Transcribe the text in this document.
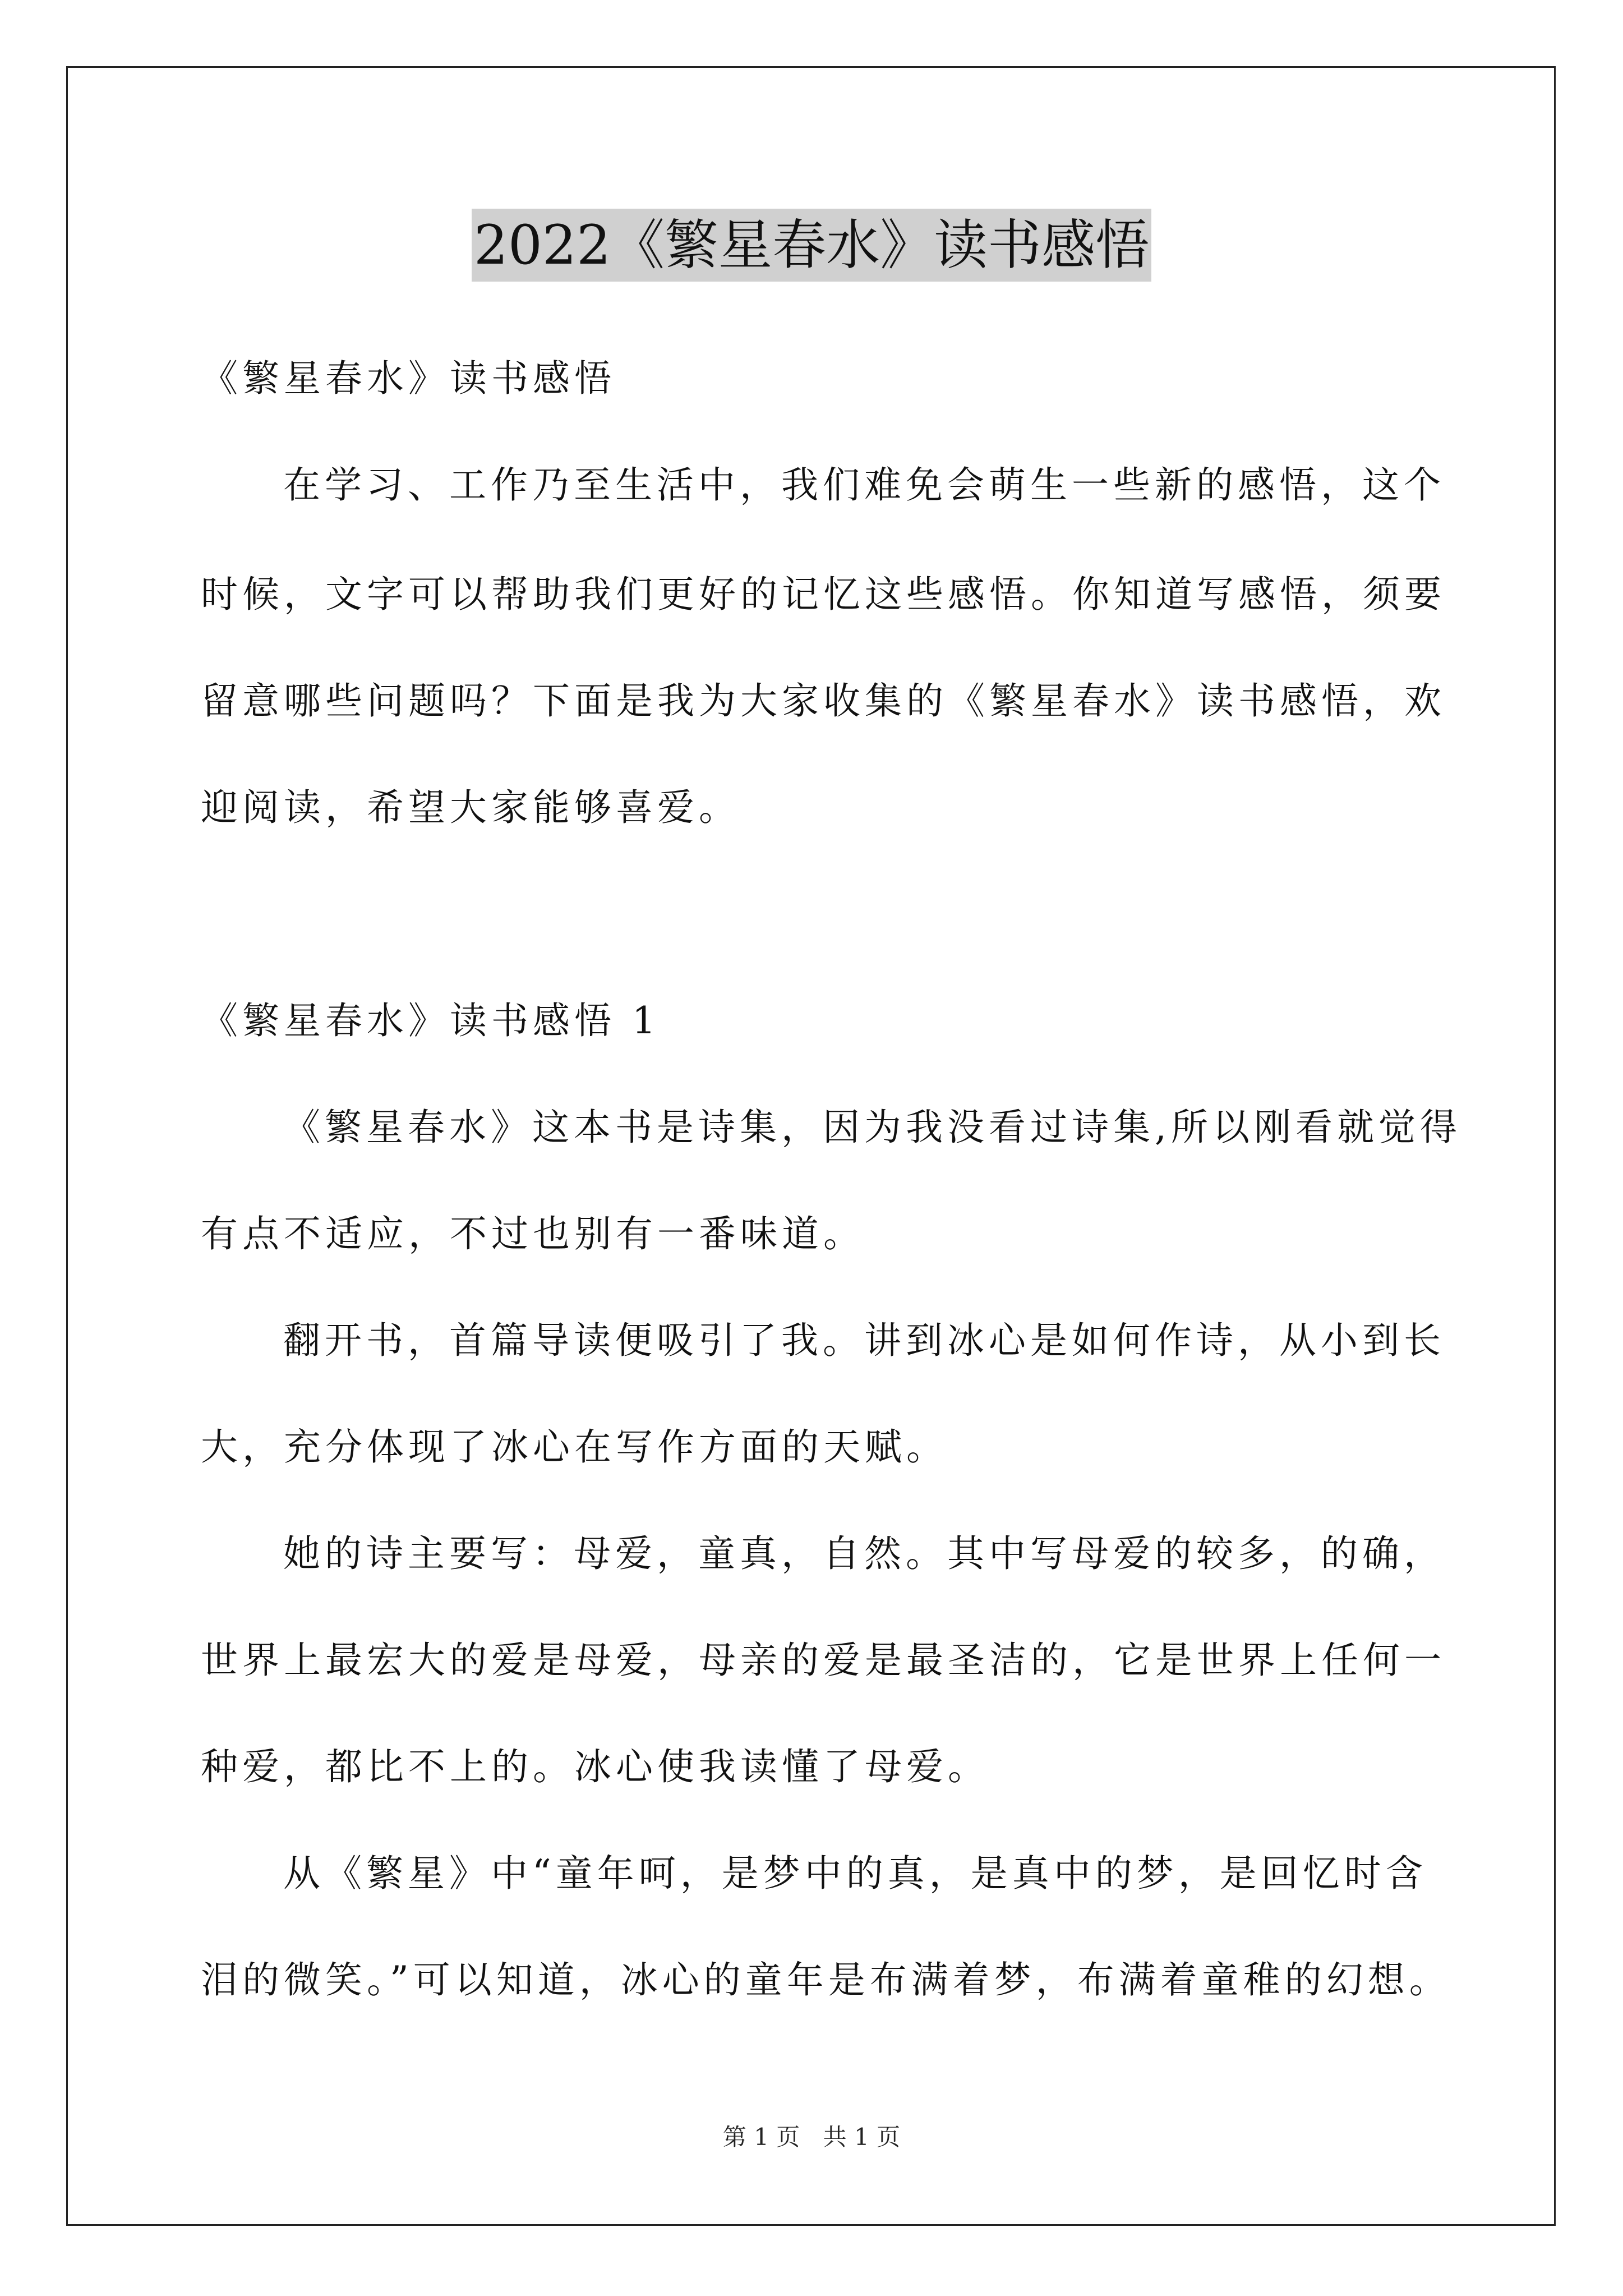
2022《繁星春水》读书感悟
《繁星春水》读书感悟
在学习、工作乃至生活中，我们难免会萌生一些新的感悟，这个
时候，文字可以帮助我们更好的记忆这些感悟。你知道写感悟，须要
留意哪些问题吗？下面是我为大家收集的《繁星春水》读书感悟，欢
迎阅读，希望大家能够喜爱。
《繁星春水》读书感悟 1
《繁星春水》这本书是诗集，因为我没看过诗集,所以刚看就觉得
有点不适应，不过也别有一番味道。
翻开书，首篇导读便吸引了我。讲到冰心是如何作诗，从小到长
大，充分体现了冰心在写作方面的天赋。
她的诗主要写：母爱，童真，自然。其中写母爱的较多，的确，
世界上最宏大的爱是母爱，母亲的爱是最圣洁的，它是世界上任何一
种爱，都比不上的。冰心使我读懂了母爱。
从《繁星》中“童年呵，是梦中的真，是真中的梦，是回忆时含
泪的微笑。”可以知道，冰心的童年是布满着梦，布满着童稚的幻想。
第 1 页 共 1 页
